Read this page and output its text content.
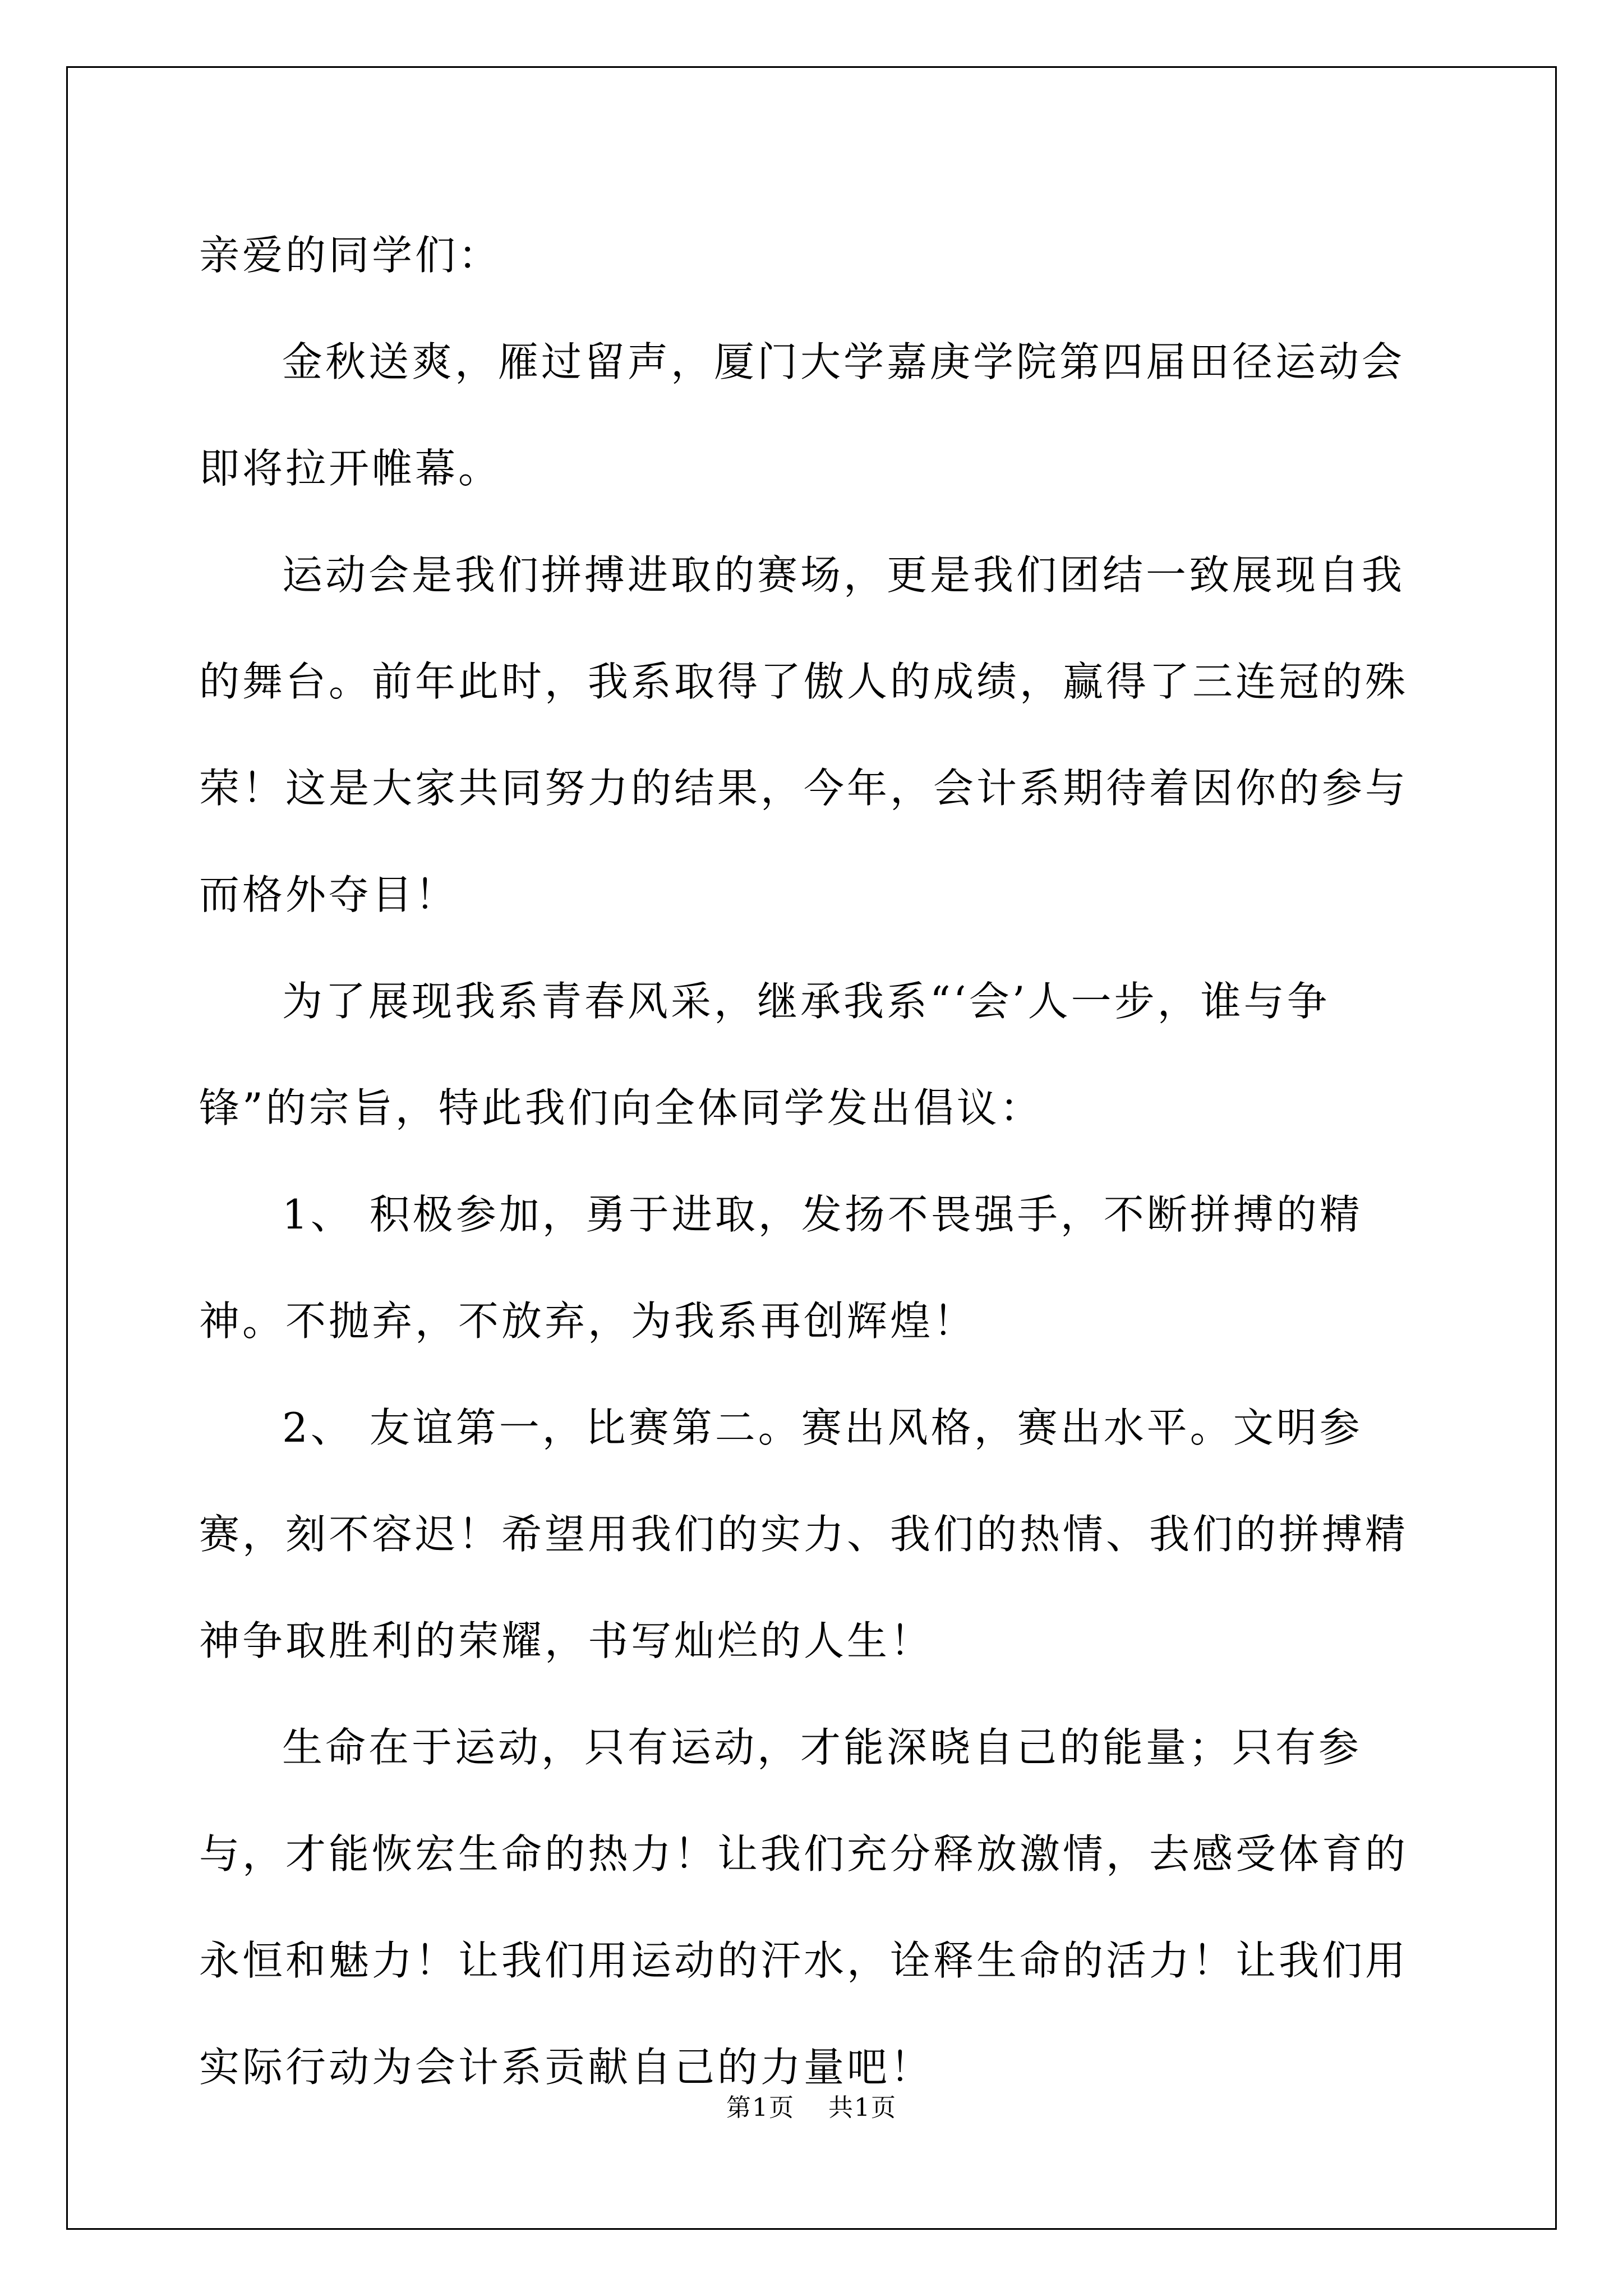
亲爱的同学们：

金秋送爽，雁过留声，厦门大学嘉庚学院第四届田径运动会即将拉开帷幕。

运动会是我们拼搏进取的赛场，更是我们团结一致展现自我的舞台。前年此时，我系取得了傲人的成绩，赢得了三连冠的殊荣！这是大家共同努力的结果，今年，会计系期待着因你的参与而格外夺目！

为了展现我系青春风采，继承我系“‘会’人一步，谁与争锋”的宗旨，特此我们向全体同学发出倡议：

1、 积极参加，勇于进取，发扬不畏强手，不断拼搏的精神。不抛弃，不放弃，为我系再创辉煌！

2、 友谊第一，比赛第二。赛出风格，赛出水平。文明参赛，刻不容迟！希望用我们的实力、我们的热情、我们的拼搏精神争取胜利的荣耀，书写灿烂的人生！

生命在于运动，只有运动，才能深晓自己的能量；只有参与，才能恢宏生命的热力！让我们充分释放激情，去感受体育的永恒和魅力！让我们用运动的汗水，诠释生命的活力！让我们用实际行动为会计系贡献自己的力量吧！

第1页 共1页
